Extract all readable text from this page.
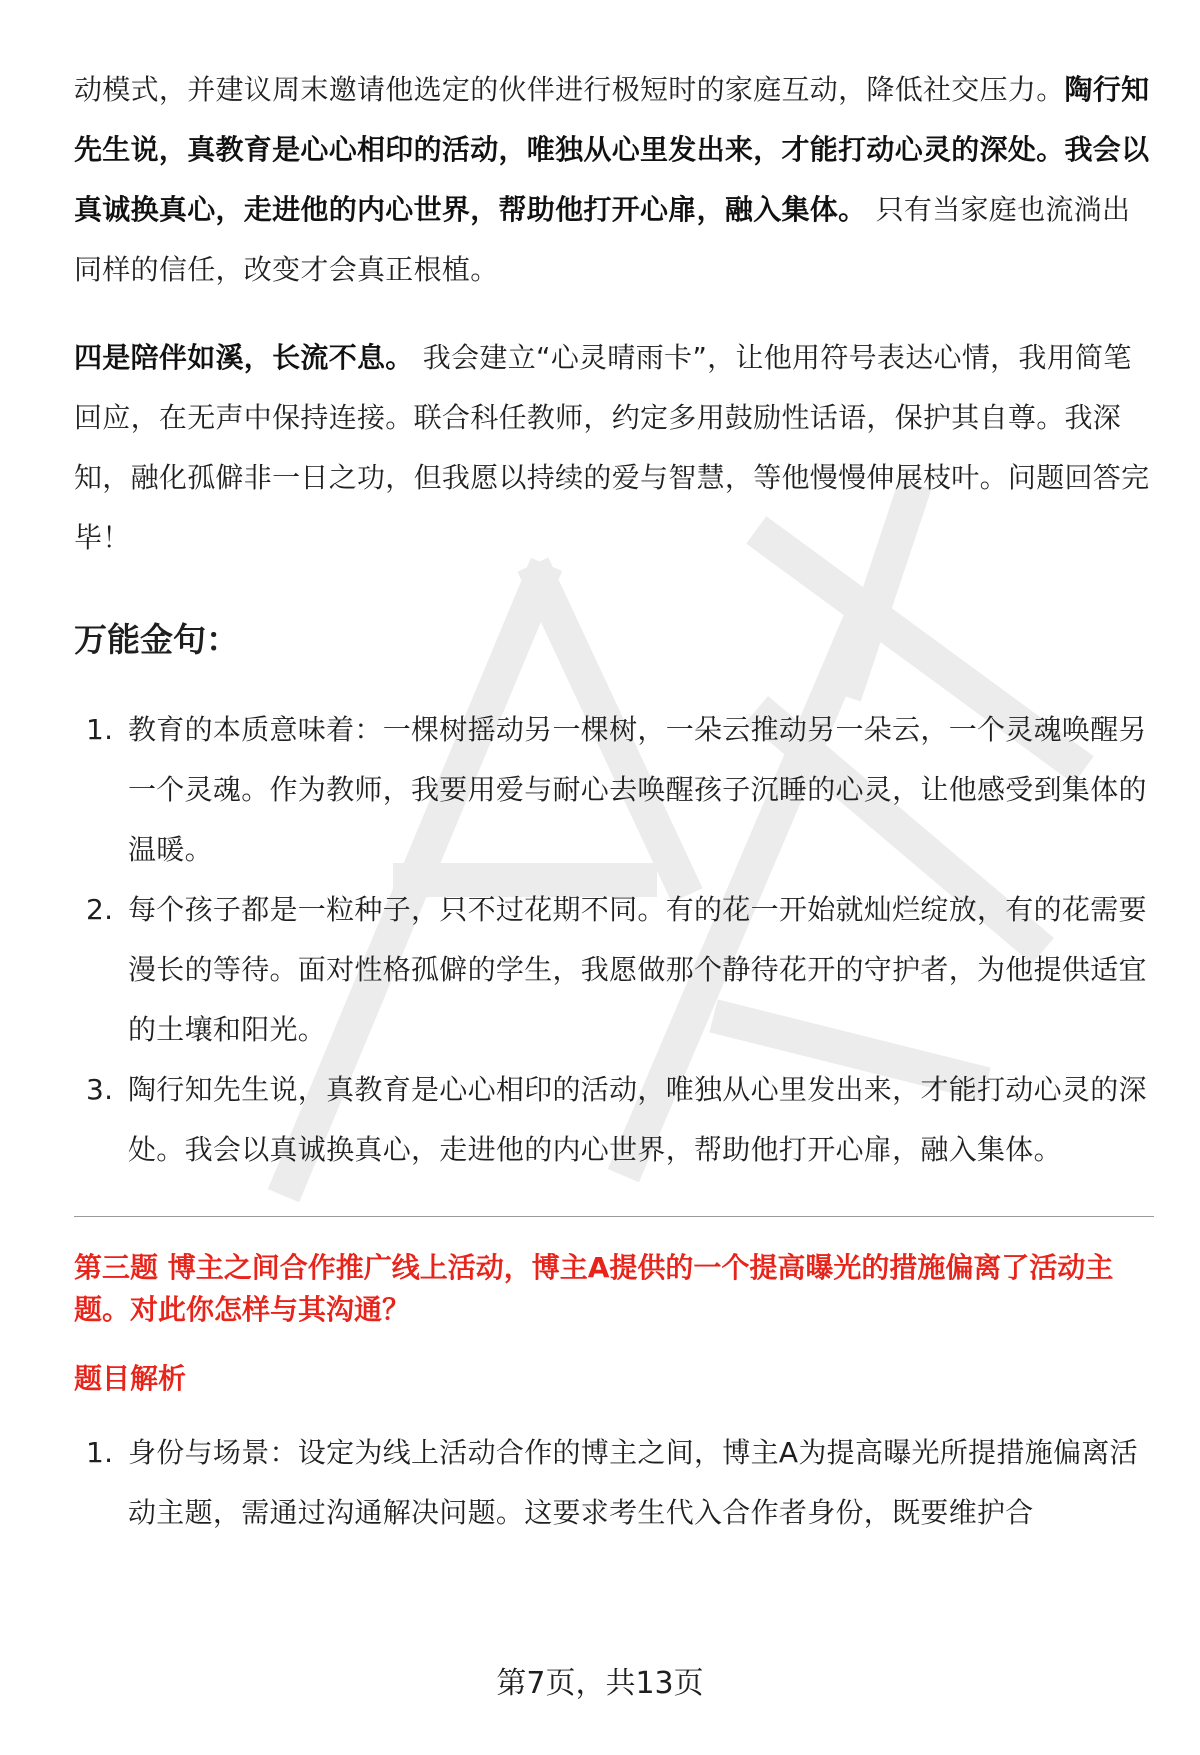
动模式，并建议周末邀请他选定的伙伴进行极短时的家庭互动，降低社交压力。陶行知先生说，真教育是心心相印的活动，唯独从心里发出来，才能打动心灵的深处。我会以真诚换真心，走进他的内心世界，帮助他打开心扉，融入集体。 只有当家庭也流淌出同样的信任，改变才会真正根植。

四是陪伴如溪，长流不息。 我会建立“心灵晴雨卡”，让他用符号表达心情，我用简笔回应，在无声中保持连接。联合科任教师，约定多用鼓励性话语，保护其自尊。我深知，融化孤僻非一日之功，但我愿以持续的爱与智慧，等他慢慢伸展枝叶。问题回答完毕！

万能金句：
1. 教育的本质意味着：一棵树摇动另一棵树，一朵云推动另一朵云，一个灵魂唤醒另一个灵魂。作为教师，我要用爱与耐心去唤醒孩子沉睡的心灵，让他感受到集体的温暖。
2. 每个孩子都是一粒种子，只不过花期不同。有的花一开始就灿烂绽放，有的花需要漫长的等待。面对性格孤僻的学生，我愿做那个静待花开的守护者，为他提供适宜的土壤和阳光。
3. 陶行知先生说，真教育是心心相印的活动，唯独从心里发出来，才能打动心灵的深处。我会以真诚换真心，走进他的内心世界，帮助他打开心扉，融入集体。
第三题 博主之间合作推广线上活动，博主A提供的一个提高曝光的措施偏离了活动主题。对此你怎样与其沟通？
题目解析
1. 身份与场景：设定为线上活动合作的博主之间，博主A为提高曝光所提措施偏离活动主题，需通过沟通解决问题。这要求考生代入合作者身份，既要维护合
第7页，共13页
